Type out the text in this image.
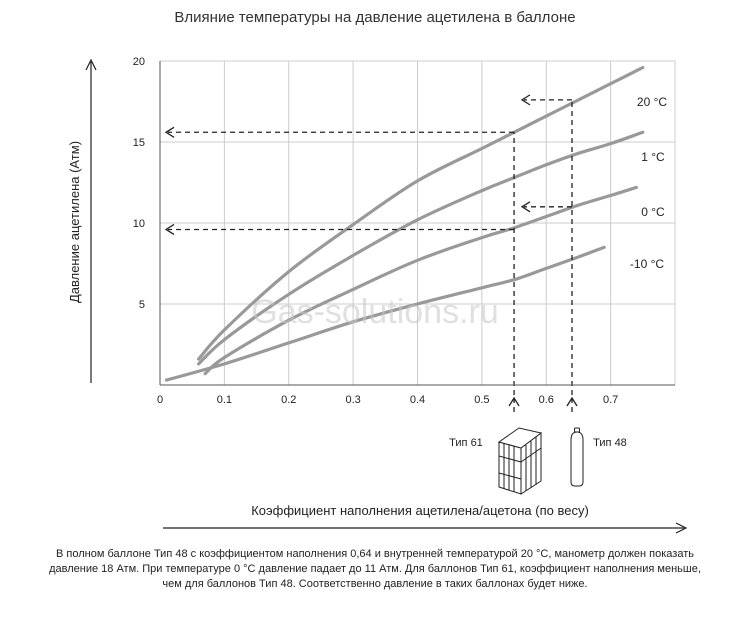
Влияние температуры на давление ацетилена в баллоне
20 °C
1 °C
0 °C
-10 °C
0	0.1	0.2	0.3	0.4	0.5	0.6	0.7
5
10
15
20
Gas-solutions.ru
Давление ацетилена (Атм)
Коэффициент наполнения ацетилена/ацетона (по весу)
Тип 61	Тип 48
В полном баллоне Тип 48 с коэффициентом наполнения 0,64 и внутренней температурой 20 °C, манометр должен показать
давление 18 Атм. При температуре 0 °C давление падает до 11 Атм. Для баллонов Тип 61, коэффициент наполнения меньше,
чем для баллонов Тип 48. Соответственно давление в таких баллонах будет ниже.
